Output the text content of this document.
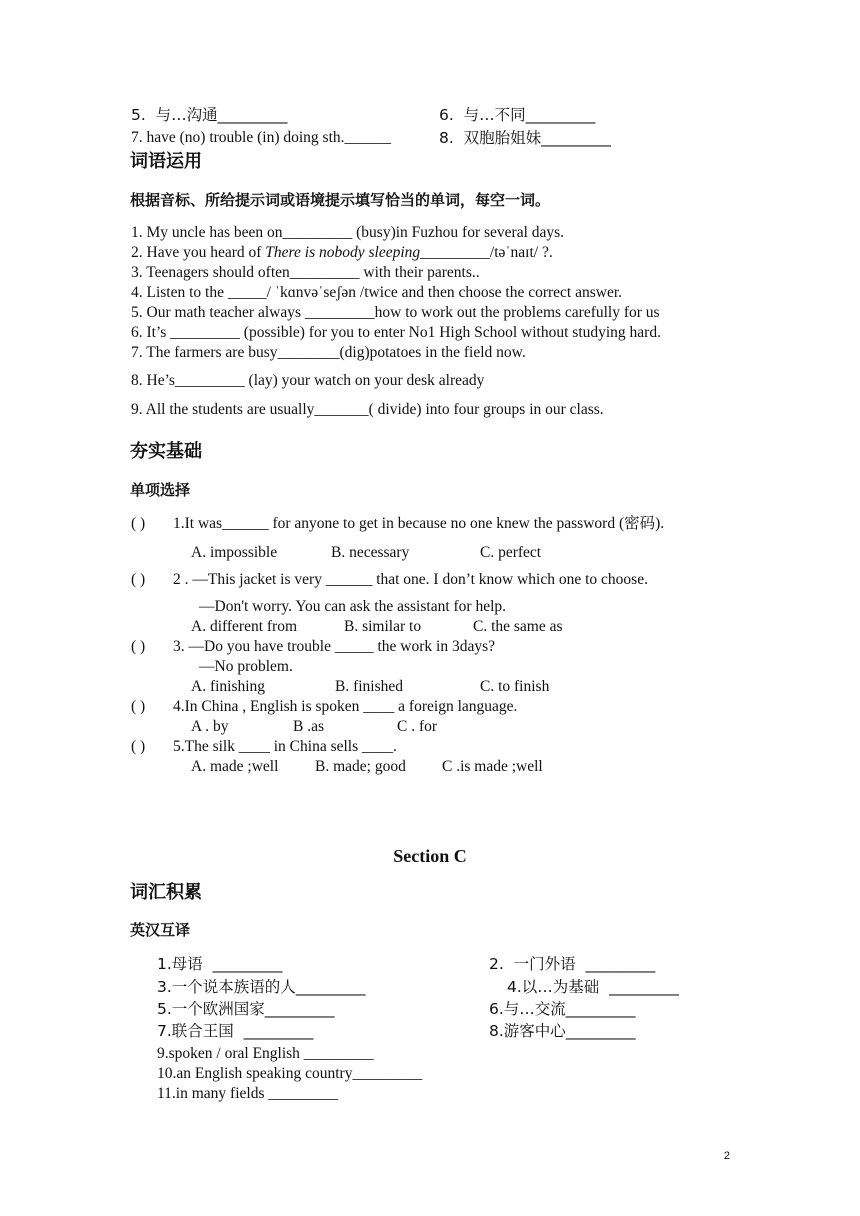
5.  与…沟通_________	6.  与…不同_________
7. have (no) trouble (in) doing sth.______	8.  双胞胎姐妹_________
词语运用
根据音标、所给提示词或语境提示填写恰当的单词，每空一词。
1. My uncle has been on_________ (busy)in Fuzhou for several days.
2. Have you heard of There is nobody sleeping_________/təˈnaɪt/ ?.
3. Teenagers should often_________ with their parents..
4. Listen to the _____/ ˈkɑnvəˈseʃən /twice and then choose the correct answer.
5. Our math teacher always _________how to work out the problems carefully for us
6. It’s _________ (possible) for you to enter No1 High School without studying hard.
7. The farmers are busy________(dig)potatoes in the field now.
8. He’s_________ (lay) your watch on your desk already
9. All the students are usually_______( divide) into four groups in our class.
夯实基础
单项选择
( ) 1.It was______ for anyone to get in because no one knew the password (密码).
A. impossible	B. necessary	C. perfect
( ) 2 . —This jacket is very ______ that one. I don’t know which one to choose.
—Don't worry. You can ask the assistant for help.
A. different from	B. similar to	C. the same as
( ) 3. —Do you have trouble _____ the work in 3days?
—No problem.
A. finishing	B. finished	C. to finish
( ) 4.In China , English is spoken ____ a foreign language.
A . by	B .as	C . for
( ) 5.The silk ____ in China sells ____.
A. made ;well B. made; good C .is made ;well
Section C
词汇积累
英汉互译
1.母语  _________	2.  一门外语  _________
3.一个说本族语的人_________	4.以…为基础  _________
5.一个欧洲国家_________	6.与…交流_________
7.联合王国  _________	8.游客中心_________
9.spoken / oral English _________
10.an English speaking country_________
11.in many fields _________
2
